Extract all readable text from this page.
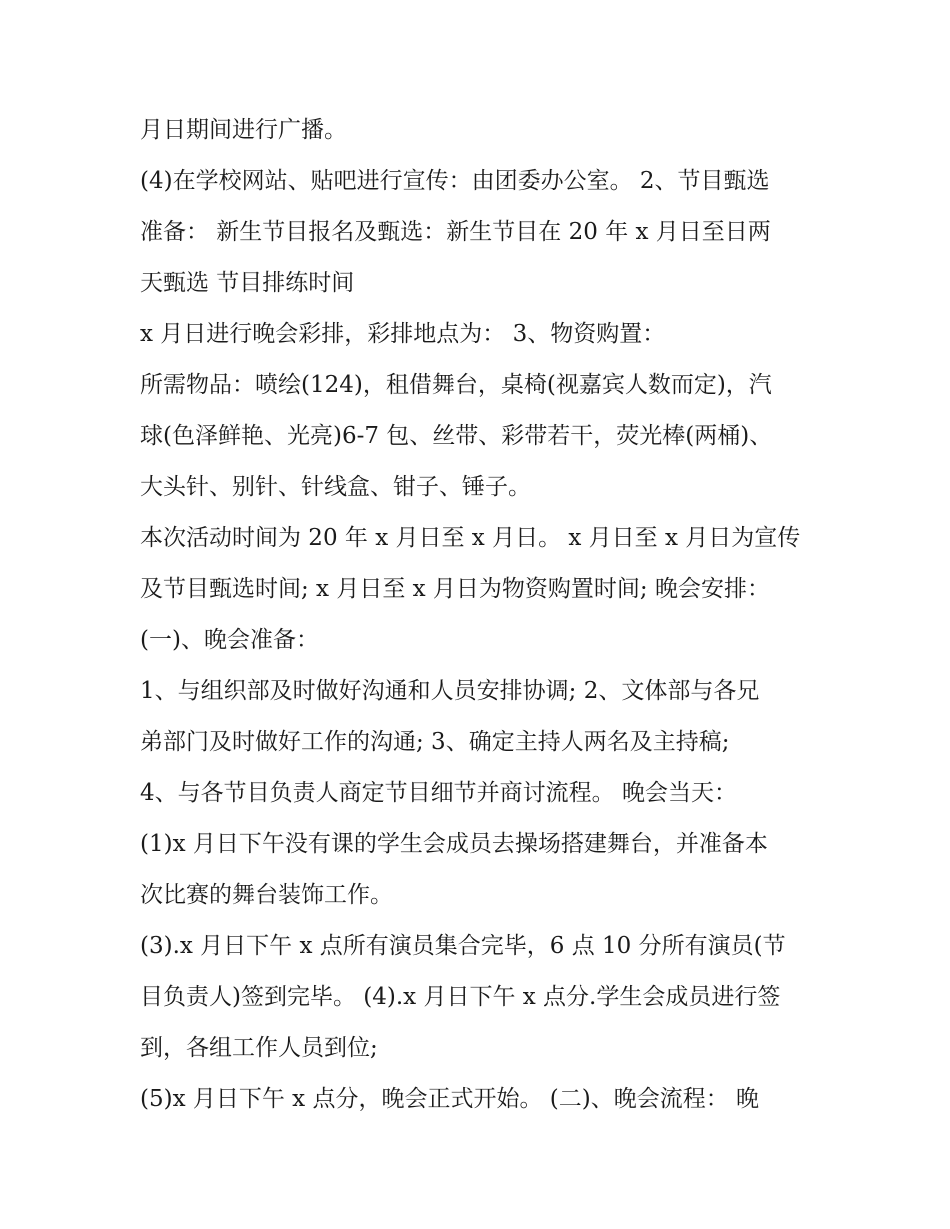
月日期间进行广播。
(4)在学校网站、贴吧进行宣传：由团委办公室。 2、节目甄选
准备： 新生节目报名及甄选：新生节目在 20 年 x 月日至日两
天甄选 节目排练时间
x 月日进行晚会彩排，彩排地点为： 3、物资购置：
所需物品：喷绘(124)，租借舞台，桌椅(视嘉宾人数而定)，汽
球(色泽鲜艳、光亮)6-7 包、丝带、彩带若干，荧光棒(两桶)、
大头针、别针、针线盒、钳子、锤子。
本次活动时间为 20 年 x 月日至 x 月日。 x 月日至 x 月日为宣传
及节目甄选时间; x 月日至 x 月日为物资购置时间; 晚会安排：
(一)、晚会准备：
1、与组织部及时做好沟通和人员安排协调; 2、文体部与各兄
弟部门及时做好工作的沟通; 3、确定主持人两名及主持稿;
4、与各节目负责人商定节目细节并商讨流程。 晚会当天：
(1)x 月日下午没有课的学生会成员去操场搭建舞台，并准备本
次比赛的舞台装饰工作。
(3).x 月日下午 x 点所有演员集合完毕，6 点 10 分所有演员(节
目负责人)签到完毕。 (4).x 月日下午 x 点分.学生会成员进行签
到，各组工作人员到位;
(5)x 月日下午 x 点分，晚会正式开始。 (二)、晚会流程： 晚
